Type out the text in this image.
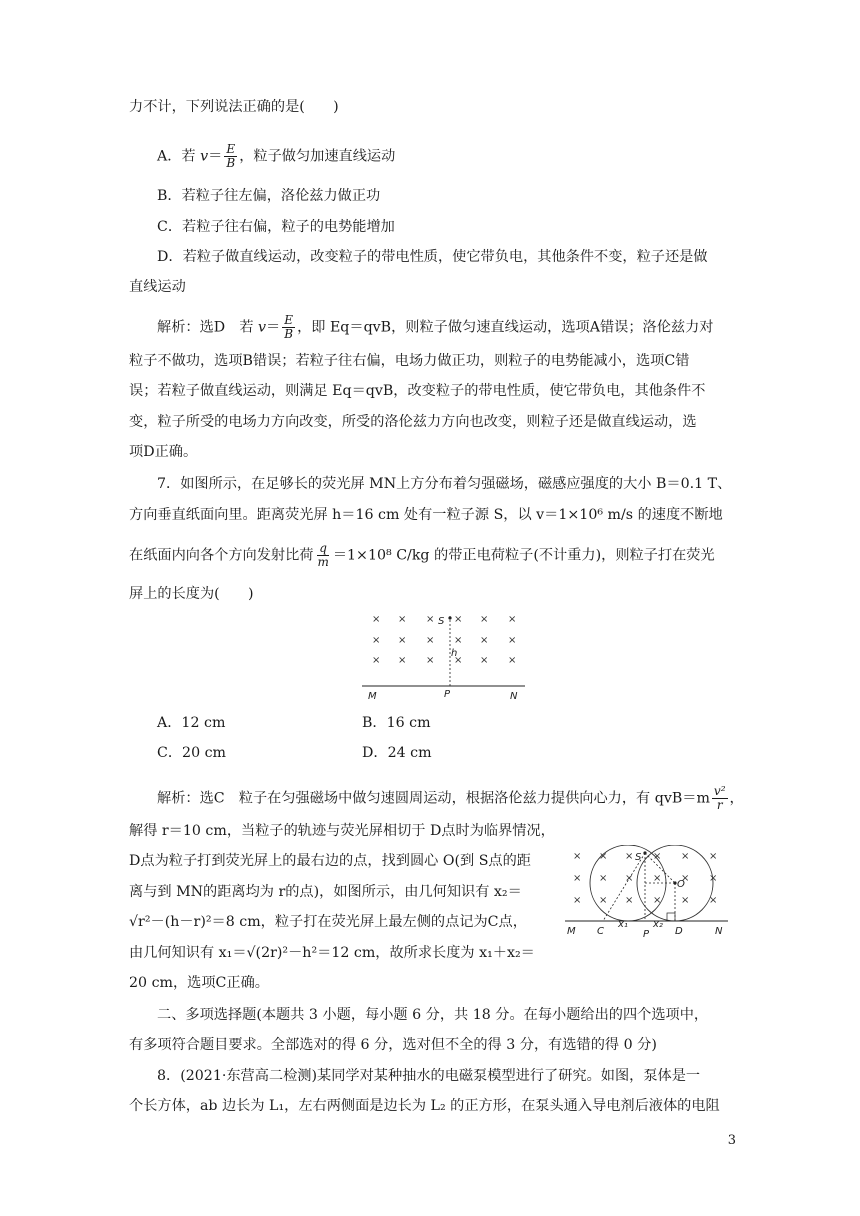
力不计，下列说法正确的是(　　)
A．若 $v= \frac{E}{B}$ ，粒子做匀加速直线运动
B．若粒子往左偏，洛伦兹力做正功
C．若粒子往右偏，粒子的电势能增加
D．若粒子做直线运动，改变粒子的带电性质，使它带负电，其他条件不变，粒子还是做
直线运动
解析：选D　若 $v= \frac{E}{B}$ ，即 Eq＝qvB，则粒子做匀速直线运动，选项A错误；洛伦兹力对
粒子不做功，选项B错误；若粒子往右偏，电场力做正功，则粒子的电势能减小，选项C错
误；若粒子做直线运动，则满足 Eq＝qvB，改变粒子的带电性质，使它带负电，其他条件不
变，粒子所受的电场力方向改变，所受的洛伦兹力方向也改变，则粒子还是做直线运动，选
项D正确。
7．如图所示，在足够长的荧光屏 MN上方分布着匀强磁场，磁感应强度的大小 B＝0.1 T、
方向垂直纸面向里。距离荧光屏 h＝16 cm 处有一粒子源 S，以 v＝1×10⁶ m/s 的速度不断地
在纸面内向各个方向发射比荷 $\frac{q}{m} =1\times 10^8$ C/kg 的带正电荷粒子(不计重力)，则粒子打在荧光
屏上的长度为(　　)
× × × × × ×
× × × × × ×
× × × × × ×
S
h
M	P	N
A．12 cm	B．16 cm
C．20 cm	D．24 cm
解析：选C　粒子在匀强磁场中做匀速圆周运动，根据洛伦兹力提供向心力，有 $qvB=m \frac{\text{v²}}{r}$ ，
解得 r＝10 cm，当粒子的轨迹与荧光屏相切于 D点时为临界情况，
D点为粒子打到荧光屏上的最右边的点，找到圆心 O(到 S点的距
离与到 MN的距离均为 r的点)，如图所示，由几何知识有 x₂＝
√r²－(h－r)²＝8 cm，粒子打在荧光屏上最左侧的点记为C点，
由几何知识有 x₁＝√(2r)²－h²＝12 cm，故所求长度为 x₁＋x₂＝
20 cm，选项C正确。
× × × × × ×
× × × × × ×
× × × × × ×
S
O
M C
x₁
P
x₂
D	N
二、多项选择题(本题共 3 小题，每小题 6 分，共 18 分。在每小题给出的四个选项中，
有多项符合题目要求。全部选对的得 6 分，选对但不全的得 3 分，有选错的得 0 分)
8．(2021·东营高二检测)某同学对某种抽水的电磁泵模型进行了研究。如图，泵体是一
个长方体，ab 边长为 L₁，左右两侧面是边长为 L₂ 的正方形，在泵头通入导电剂后液体的电阻
3
